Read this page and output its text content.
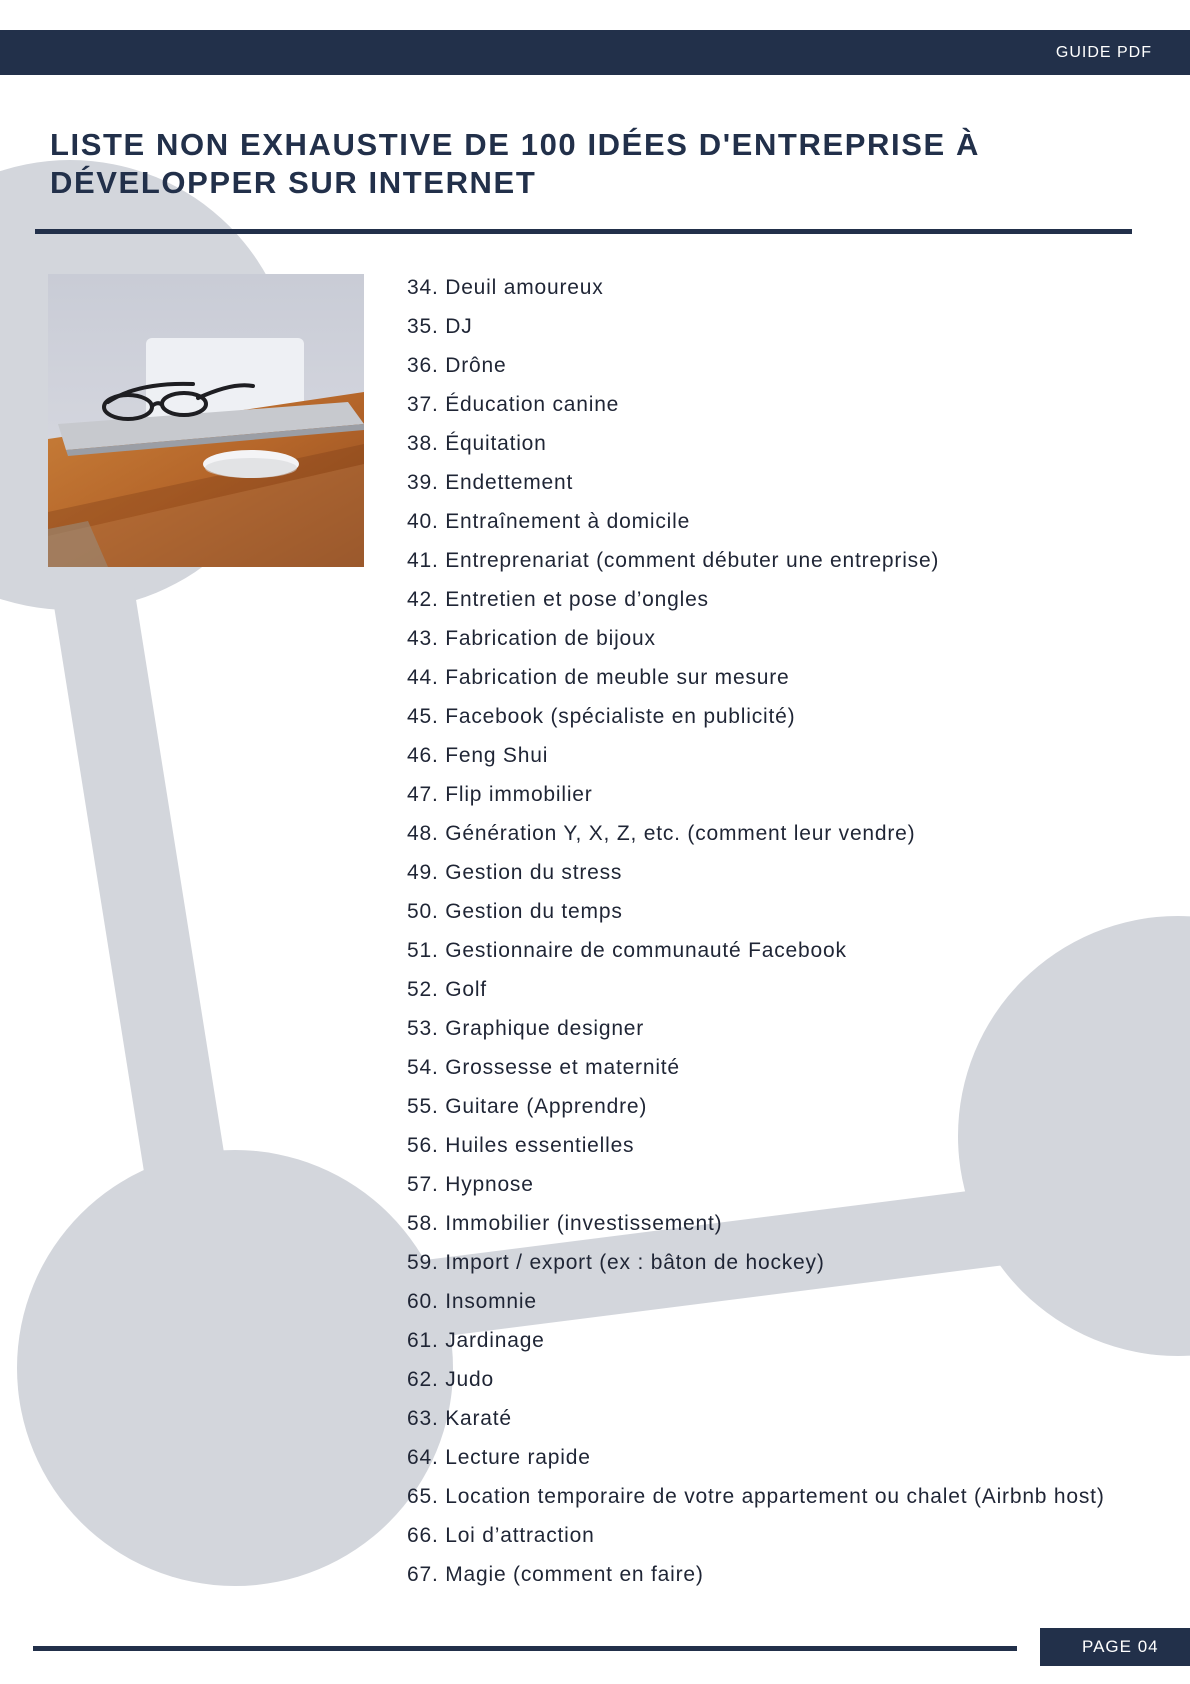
GUIDE PDF
LISTE NON EXHAUSTIVE DE 100 IDÉES D'ENTREPRISE À
DÉVELOPPER SUR INTERNET
34. Deuil amoureux
35. DJ
36. Drône
37. Éducation canine
38. Équitation
39. Endettement
40. Entraînement à domicile
41. Entreprenariat (comment débuter une entreprise)
42. Entretien et pose d’ongles
43. Fabrication de bijoux
44. Fabrication de meuble sur mesure
45. Facebook (spécialiste en publicité)
46. Feng Shui
47. Flip immobilier
48. Génération Y, X, Z, etc. (comment leur vendre)
49. Gestion du stress
50. Gestion du temps
51. Gestionnaire de communauté Facebook
52. Golf
53. Graphique designer
54. Grossesse et maternité
55. Guitare (Apprendre)
56. Huiles essentielles
57. Hypnose
58. Immobilier (investissement)
59. Import / export (ex : bâton de hockey)
60. Insomnie
61. Jardinage
62. Judo
63. Karaté
64. Lecture rapide
65. Location temporaire de votre appartement ou chalet (Airbnb host)
66. Loi d’attraction
67. Magie (comment en faire)
PAGE 04
